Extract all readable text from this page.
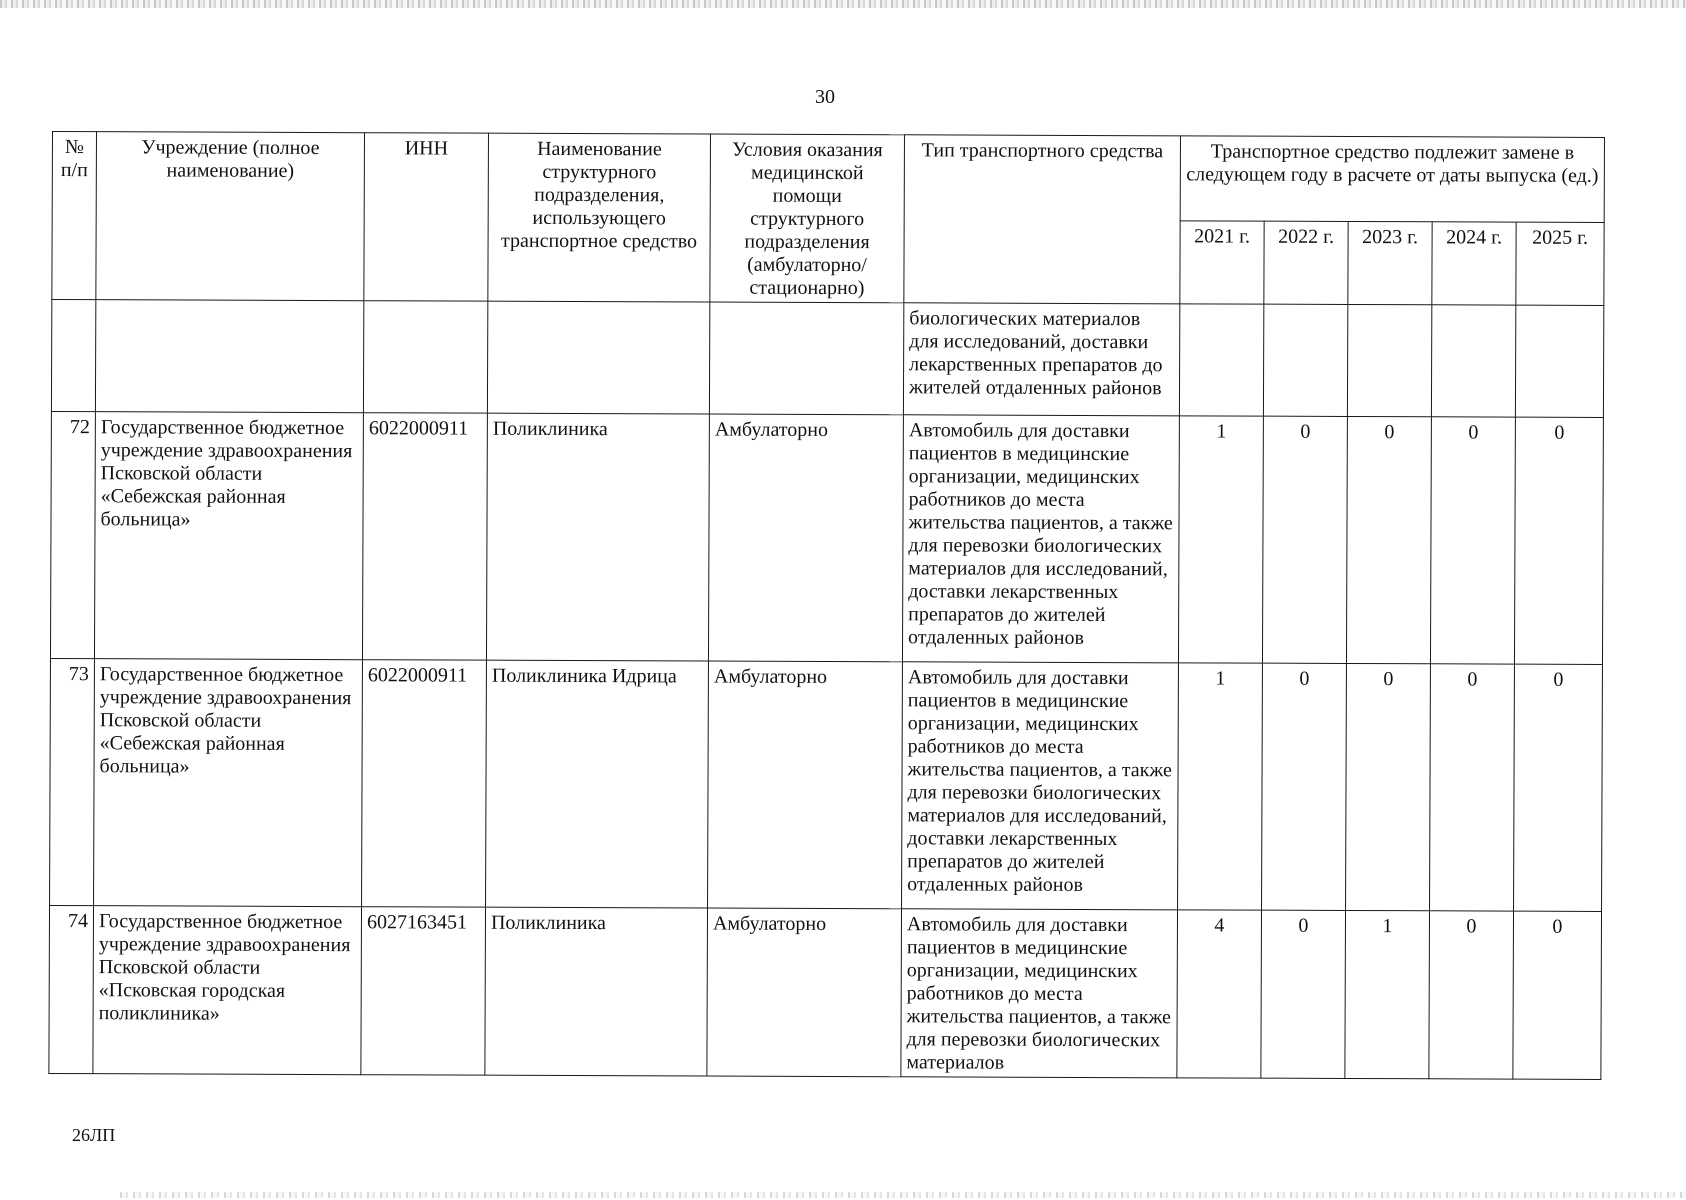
30
№ п/п	Учреждение (полное наименование)	ИНН	Наименование структурного подразделения, использующего транспортное средство	Условия оказания медицинской помощи структурного подразделения (амбулаторно/ стационарно)	Тип транспортного средства	Транспортное средство подлежит замене в следующем году в расчете от даты выпуска (ед.)				
						2021 г.	2022 г.	2023 г.	2024 г.	2025 г.
					биологических материалов для исследований, доставки лекарственных препаратов до жителей отдаленных районов					
72	Государственное бюджетное учреждение здравоохранения Псковской области «Себежская районная больница»	6022000911	Поликлиника	Амбулаторно	Автомобиль для доставки пациентов в медицинские организации, медицинских работников до места жительства пациентов, а также для перевозки биологических материалов для исследований, доставки лекарственных препаратов до жителей отдаленных районов	1	0	0	0	0
73	Государственное бюджетное учреждение здравоохранения Псковской области «Себежская районная больница»	6022000911	Поликлиника Идрица	Амбулаторно	Автомобиль для доставки пациентов в медицинские организации, медицинских работников до места жительства пациентов, а также для перевозки биологических материалов для исследований, доставки лекарственных препаратов до жителей отдаленных районов	1	0	0	0	0
74	Государственное бюджетное учреждение здравоохранения Псковской области «Псковская городская поликлиника»	6027163451	Поликлиника	Амбулаторно	Автомобиль для доставки пациентов в медицинские организации, медицинских работников до места жительства пациентов, а также для перевозки биологических материалов	4	0	1	0	0
26ЛП
